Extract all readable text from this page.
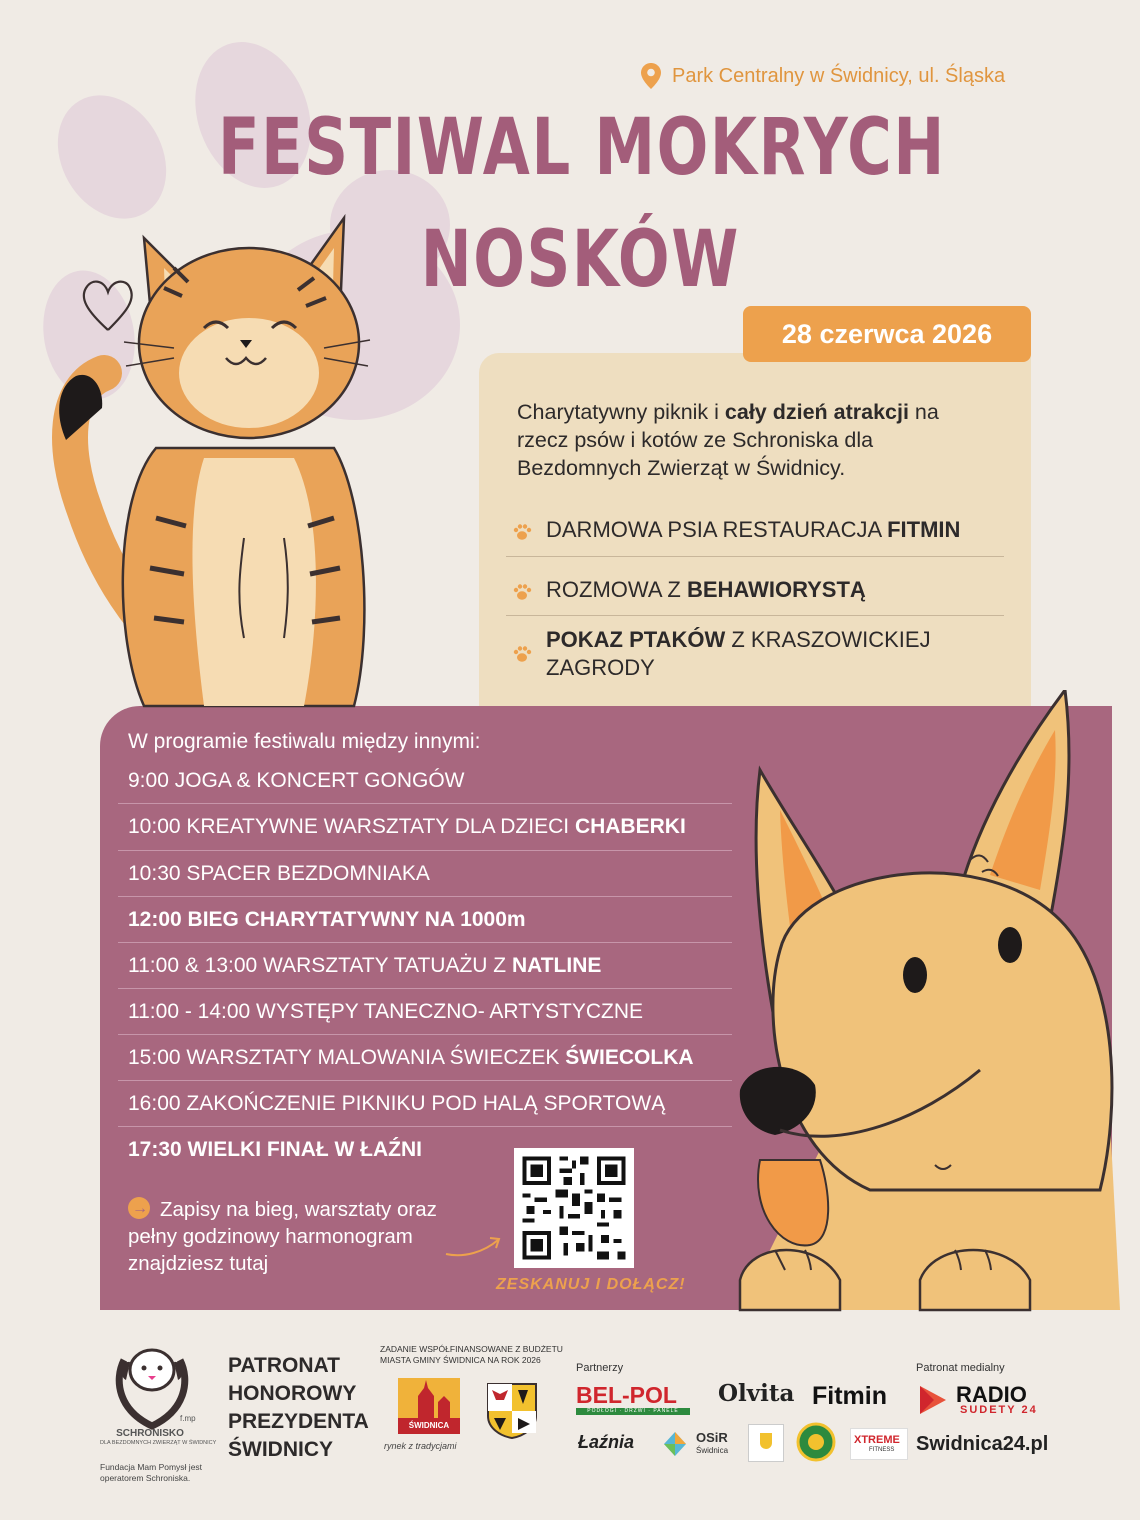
Park Centralny w Świdnicy, ul. Śląska
FESTIWAL MOKRYCH
NOSKÓW
28 czerwca 2026
Charytatywny piknik i cały dzień atrakcji na rzecz psów i kotów ze Schroniska dla Bezdomnych Zwierząt w Świdnicy.
DARMOWA PSIA RESTAURACJA FITMIN
ROZMOWA Z BEHAWIORYSTĄ
POKAZ PTAKÓW Z KRASZOWICKIEJ ZAGRODY
W programie festiwalu między innymi:
9:00 JOGA & KONCERT GONGÓW
10:00 KREATYWNE WARSZTATY DLA DZIECI CHABERKI
10:30 SPACER BEZDOMNIAKA
12:00 BIEG CHARYTATYWNY NA 1000m
11:00 & 13:00 WARSZTATY TATUAŻU Z NATLINE
11:00 - 14:00 WYSTĘPY TANECZNO- ARTYSTYCZNE
15:00 WARSZTATY MALOWANIA ŚWIECZEK ŚWIECOLKA
16:00 ZAKOŃCZENIE PIKNIKU POD HALĄ SPORTOWĄ
17:30 WIELKI FINAŁ W ŁAŹNI
→Zapisy na bieg, warsztaty oraz pełny godzinowy harmonogram znajdziesz tutaj
ZESKANUJ I DOŁĄCZ!
f.mp
SCHRONISKO
DLA BEZDOMNYCH ZWIERZĄT W ŚWIDNICY
Fundacja Mam Pomysł jest operatorem Schroniska.
PATRONAT
HONOROWY
PREZYDENTA
ŚWIDNICY
ZADANIE WSPÓŁFINANSOWANE Z BUDŻETU
MIASTA GMINY ŚWIDNICA NA ROK 2026
ŚWIDNICA
rynek z tradycjami
Partnerzy
BEL-POL
PODŁOGI · DRZWI · PANELE
Olvita Fitmin
Łaźnia	OSiR
Świdnica
XTREME
FITNESS
Patronat medialny
RADIO
SUDETY 24
Swidnica24.pl
